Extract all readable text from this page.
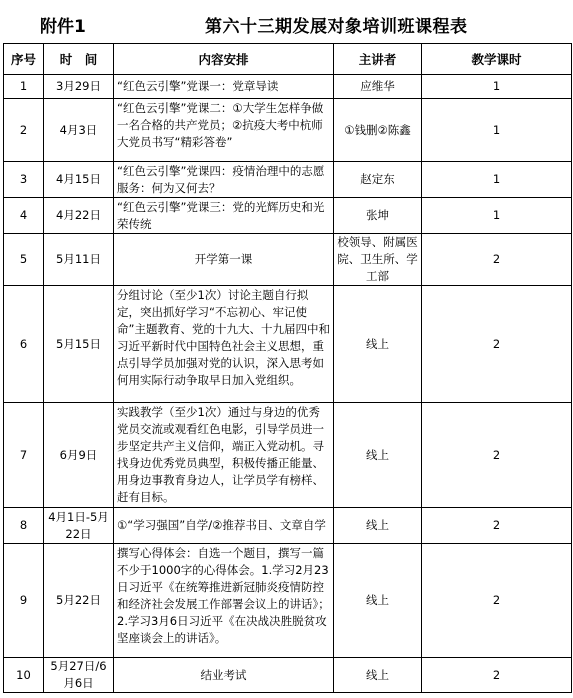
附件1	第六十三期发展对象培训班课程表
序号	时　间	内容安排	主讲者	教学课时
1	3月29日	“红色云引擎”党课一：党章导读	应维华	1
2	4月3日	“红色云引擎”党课二：①大学生怎样争做一名合格的共产党员；②抗疫大考中杭师大党员书写“精彩答卷”	①钱删②陈鑫	1
3	4月15日	“红色云引擎”党课四：疫情治理中的志愿服务：何为又何去？	赵定东	1
4	4月22日	“红色云引擎”党课三：党的光辉历史和光荣传统	张坤	1
5	5月11日	开学第一课	校领导、附属医院、卫生所、学工部	2
6	5月15日	分组讨论（至少1次）讨论主题自行拟定，突出抓好学习“不忘初心、牢记使命”主题教育、党的十九大、十九届四中和习近平新时代中国特色社会主义思想，重点引导学员加强对党的认识，深入思考如何用实际行动争取早日加入党组织。	线上	2
7	6月9日	实践教学（至少1次）通过与身边的优秀党员交流或观看红色电影，引导学员进一步坚定共产主义信仰，端正入党动机。寻找身边优秀党员典型，积极传播正能量、用身边事教育身边人，让学员学有榜样、赶有目标。	线上	2
8	4月1日-5月22日	①“学习强国”自学/②推荐书目、文章自学	线上	2
9	5月22日	撰写心得体会：自选一个题目，撰写一篇不少于1000字的心得体会。1.学习2月23日习近平《在统筹推进新冠肺炎疫情防控和经济社会发展工作部署会议上的讲话》；2.学习3月6日习近平《在决战决胜脱贫攻坚座谈会上的讲话》。	线上	2
10	5月27日/6月6日	结业考试	线上	2
